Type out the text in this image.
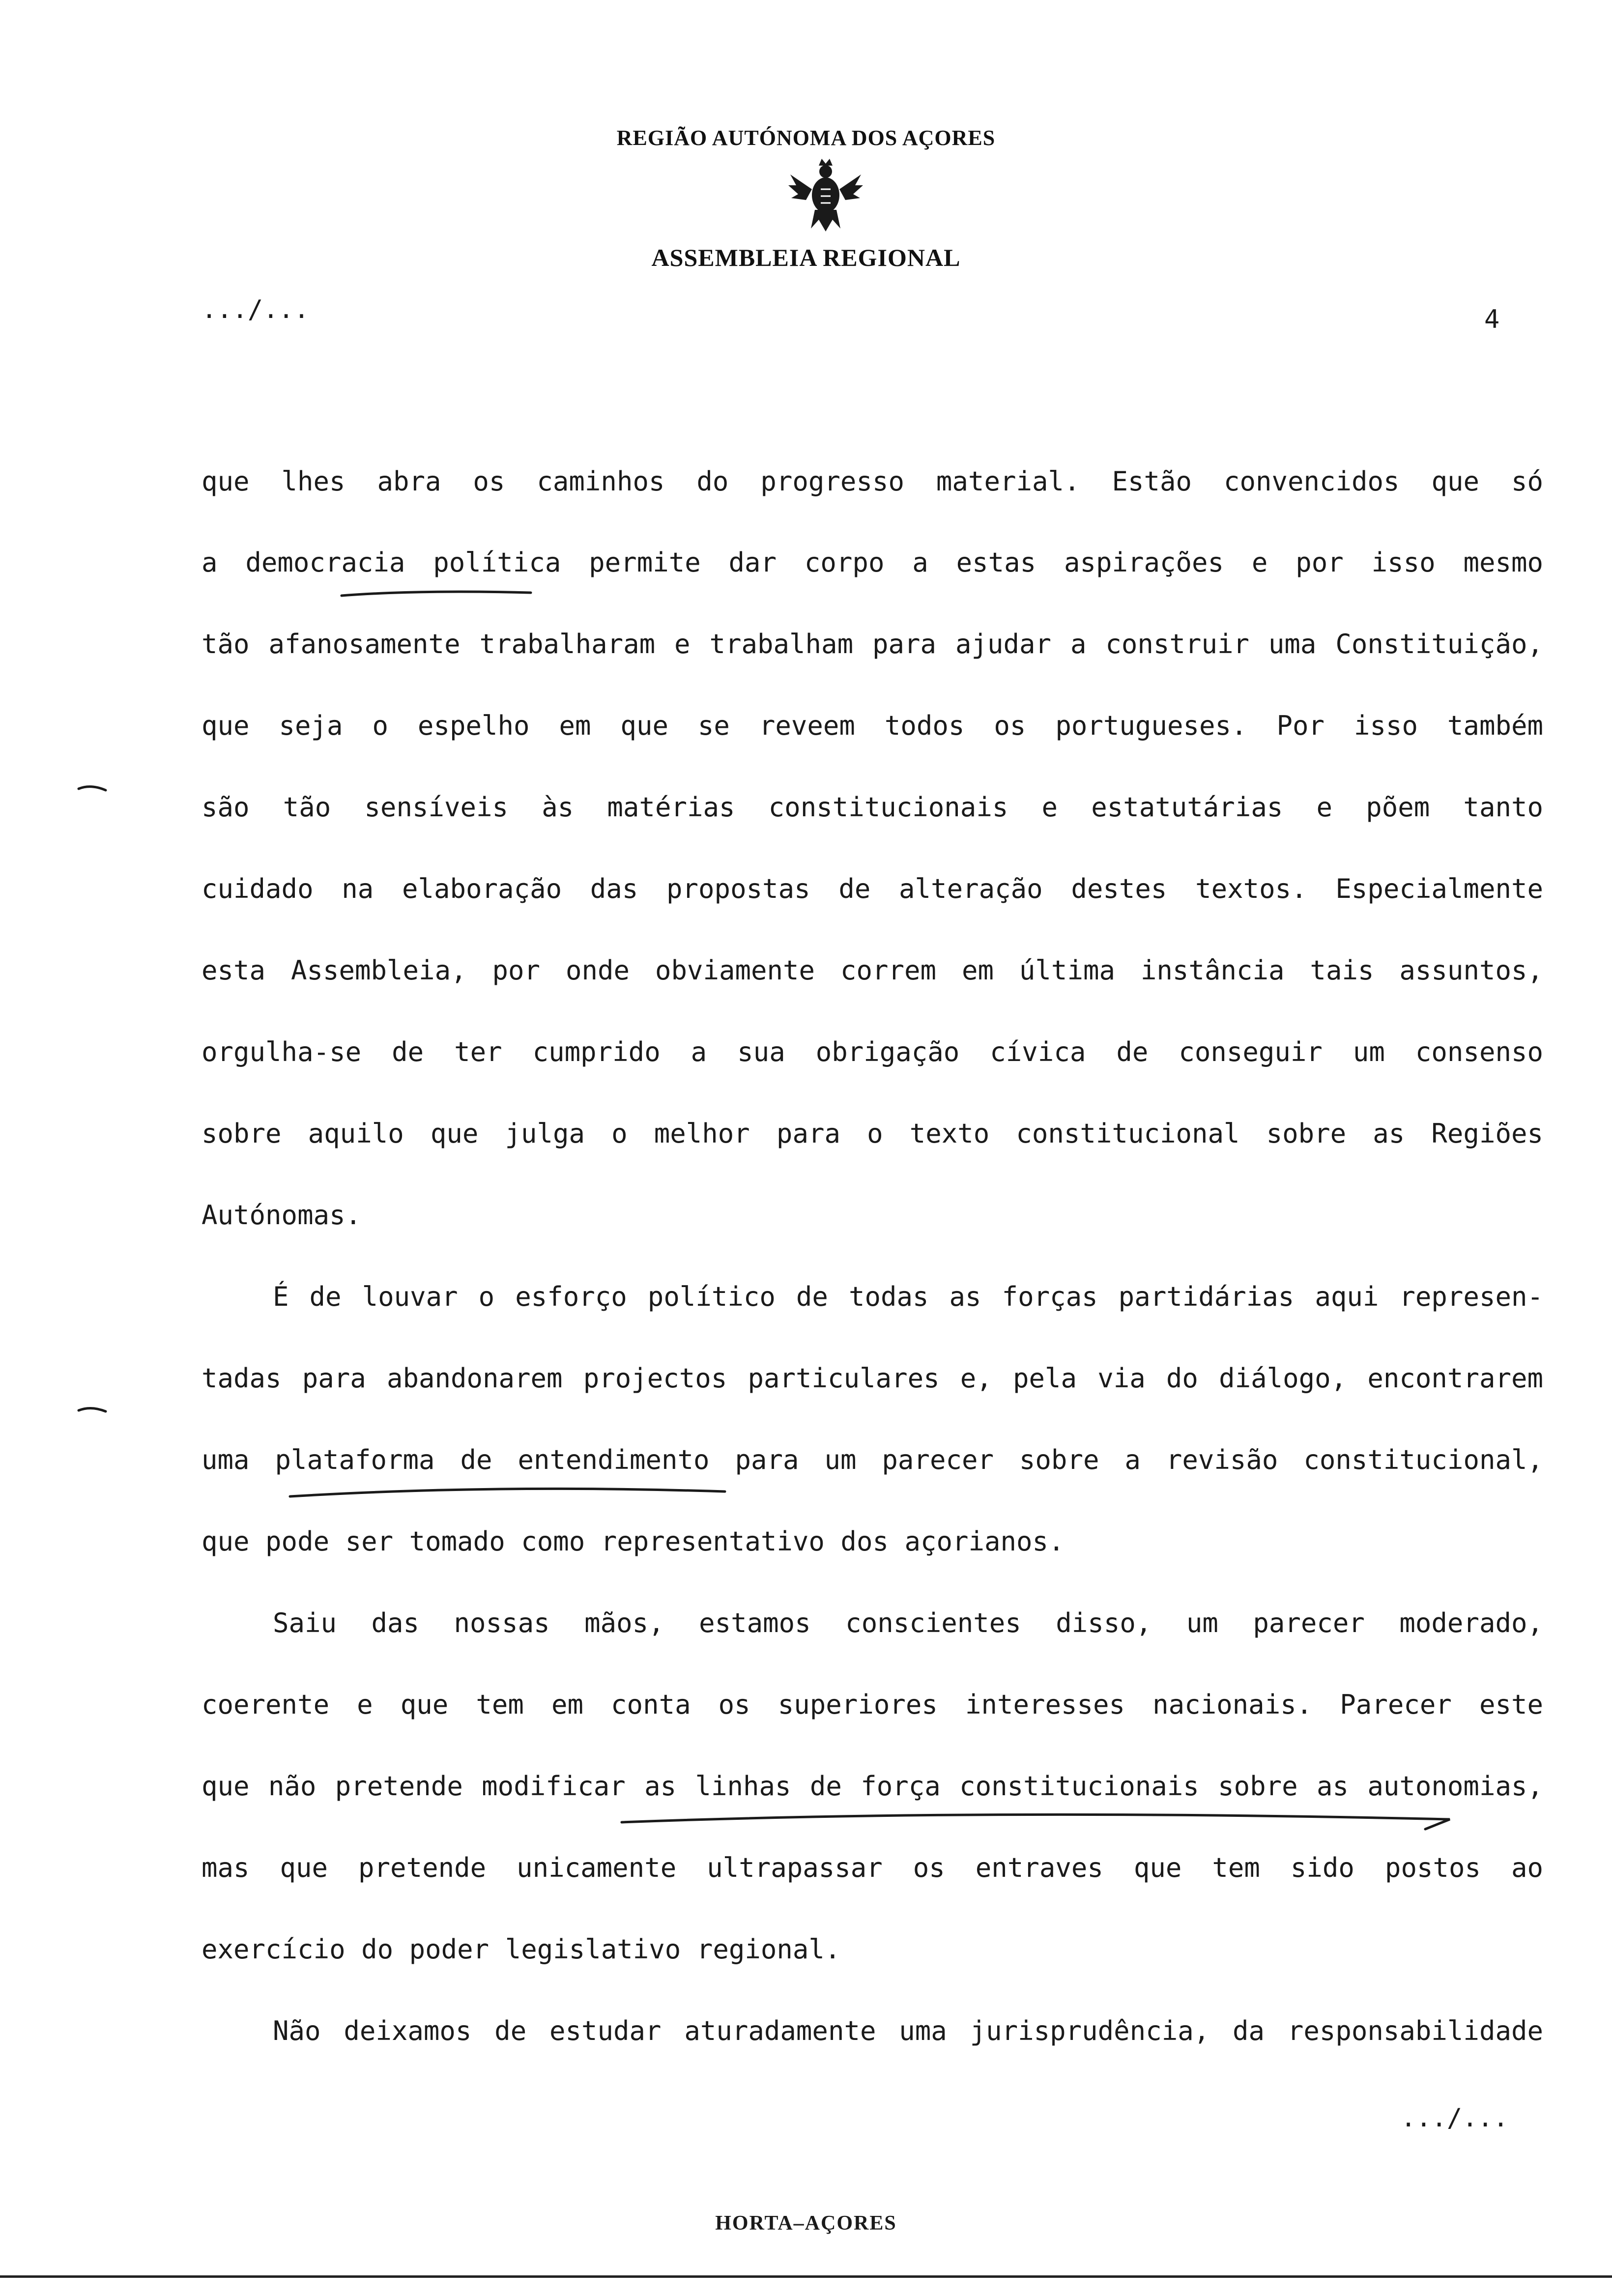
REGIÃO AUTÓNOMA DOS AÇORES
ASSEMBLEIA REGIONAL
.../...	4
que lhes abra os caminhos do progresso material. Estão convencidos que só
a democracia política permite dar corpo a estas aspirações e por isso mesmo
tão afanosamente trabalharam e trabalham para ajudar a construir uma Constituição,
que seja o espelho em que se reveem todos os portugueses. Por isso também
são tão sensíveis às matérias constitucionais e estatutárias e põem tanto
cuidado na elaboração das propostas de alteração destes textos. Especialmente
esta Assembleia, por onde obviamente correm em última instância tais assuntos,
orgulha-se de ter cumprido a sua obrigação cívica de conseguir um consenso
sobre aquilo que julga o melhor para o texto constitucional sobre as Regiões
Autónomas.
É de louvar o esforço político de todas as forças partidárias aqui represen-
tadas para abandonarem projectos particulares e, pela via do diálogo, encontrarem
uma plataforma de entendimento para um parecer sobre a revisão constitucional,
que pode ser tomado como representativo dos açorianos.
Saiu das nossas mãos, estamos conscientes disso, um parecer moderado,
coerente e que tem em conta os superiores interesses nacionais. Parecer este
que não pretende modificar as linhas de força constitucionais sobre as autonomias,
mas que pretende unicamente ultrapassar os entraves que tem sido postos ao
exercício do poder legislativo regional.
Não deixamos de estudar aturadamente uma jurisprudência, da responsabilidade
.../...
HORTA–AÇORES
